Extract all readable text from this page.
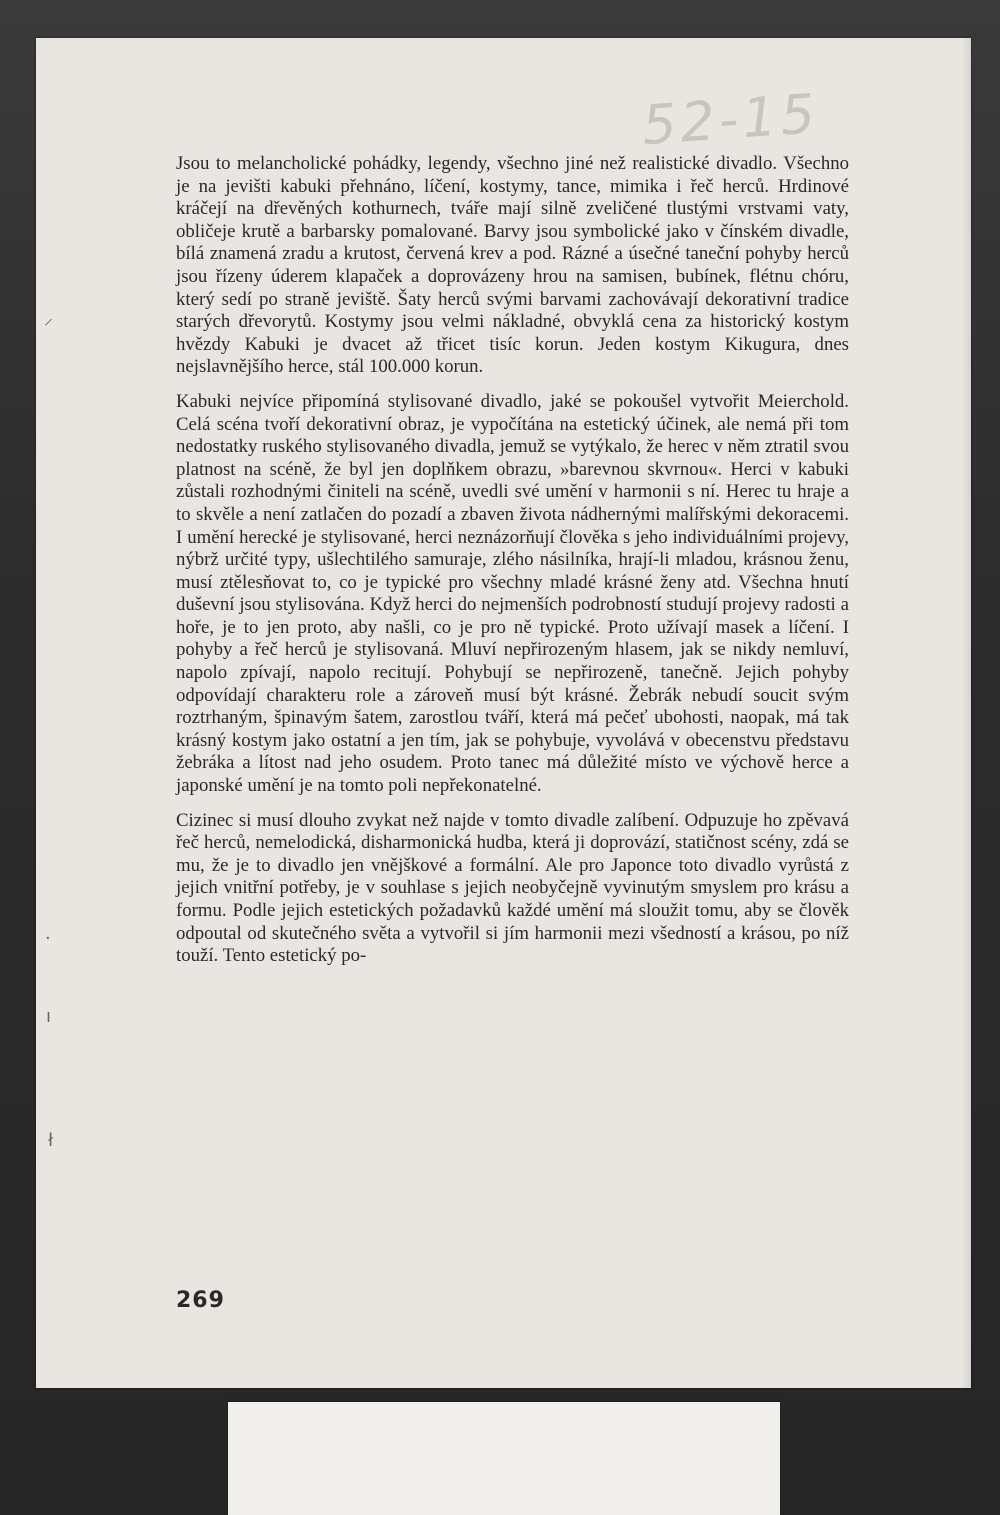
52-15
⸝
·
ı
ł

Jsou to melancholické pohádky, legendy, všechno jiné než realistické divadlo. Všechno je na jevišti kabuki přehnáno, líčení, kostymy, tance, mimika i řeč herců. Hrdinové kráčejí na dřevěných kothurnech, tváře mají silně zveličené tlustými vrstvami vaty, obličeje krutě a barbarsky pomalované. Barvy jsou symbolické jako v čínském divadle, bílá znamená zradu a krutost, červená krev a pod. Rázné a úsečné taneční pohyby herců jsou řízeny úderem klapaček a doprovázeny hrou na samisen, bubínek, flétnu chóru, který sedí po straně jeviště. Šaty herců svými barvami zachovávají dekorativní tradice starých dřevorytů. Kostymy jsou velmi nákladné, obvyklá cena za historický kostym hvězdy Kabuki je dvacet až třicet tisíc korun. Jeden kostym Kikugura, dnes nejslavnějšího herce, stál 100.000 korun.

Kabuki nejvíce připomíná stylisované divadlo, jaké se pokoušel vytvořit Meierchold. Celá scéna tvoří dekorativní obraz, je vypočítána na estetický účinek, ale nemá při tom nedostatky ruského stylisovaného divadla, jemuž se vytýkalo, že herec v něm ztratil svou platnost na scéně, že byl jen doplňkem obrazu, »barevnou skvrnou«. Herci v kabuki zůstali rozhodnými činiteli na scéně, uvedli své umění v harmonii s ní. Herec tu hraje a to skvěle a není zatlačen do pozadí a zbaven života nádhernými malířskými dekoracemi. I umění herecké je stylisované, herci neznázorňují člověka s jeho individuálními projevy, nýbrž určité typy, ušlechtilého samuraje, zlého násilníka, hrají-li mladou, krásnou ženu, musí ztělesňovat to, co je typické pro všechny mladé krásné ženy atd. Všechna hnutí duševní jsou stylisována. Když herci do nejmenších podrobností studují projevy radosti a hoře, je to jen proto, aby našli, co je pro ně typické. Proto užívají masek a líčení. I pohyby a řeč herců je stylisovaná. Mluví nepřirozeným hlasem, jak se nikdy nemluví, napolo zpívají, napolo recitují. Pohybují se nepřirozeně, tanečně. Jejich pohyby odpovídají charakteru role a zároveň musí být krásné. Žebrák nebudí soucit svým roztrhaným, špinavým šatem, zarostlou tváří, která má pečeť ubohosti, naopak, má tak krásný kostym jako ostatní a jen tím, jak se pohybuje, vyvolává v obecenstvu představu žebráka a lítost nad jeho osudem. Proto tanec má důležité místo ve výchově herce a japonské umění je na tomto poli nepřekonatelné.

Cizinec si musí dlouho zvykat než najde v tomto divadle zalíbení. Odpuzuje ho zpěvavá řeč herců, nemelodická, disharmonická hudba, která ji doprovází, statičnost scény, zdá se mu, že je to divadlo jen vnějškové a formální. Ale pro Japonce toto divadlo vyrůstá z jejich vnitřní potřeby, je v souhlase s jejich neobyčejně vyvinutým smyslem pro krásu a formu. Podle jejich estetických požadavků každé umění má sloužit tomu, aby se člověk odpoutal od skutečného světa a vytvořil si jím harmonii mezi všedností a krásou, po níž touží. Tento estetický po-

269
